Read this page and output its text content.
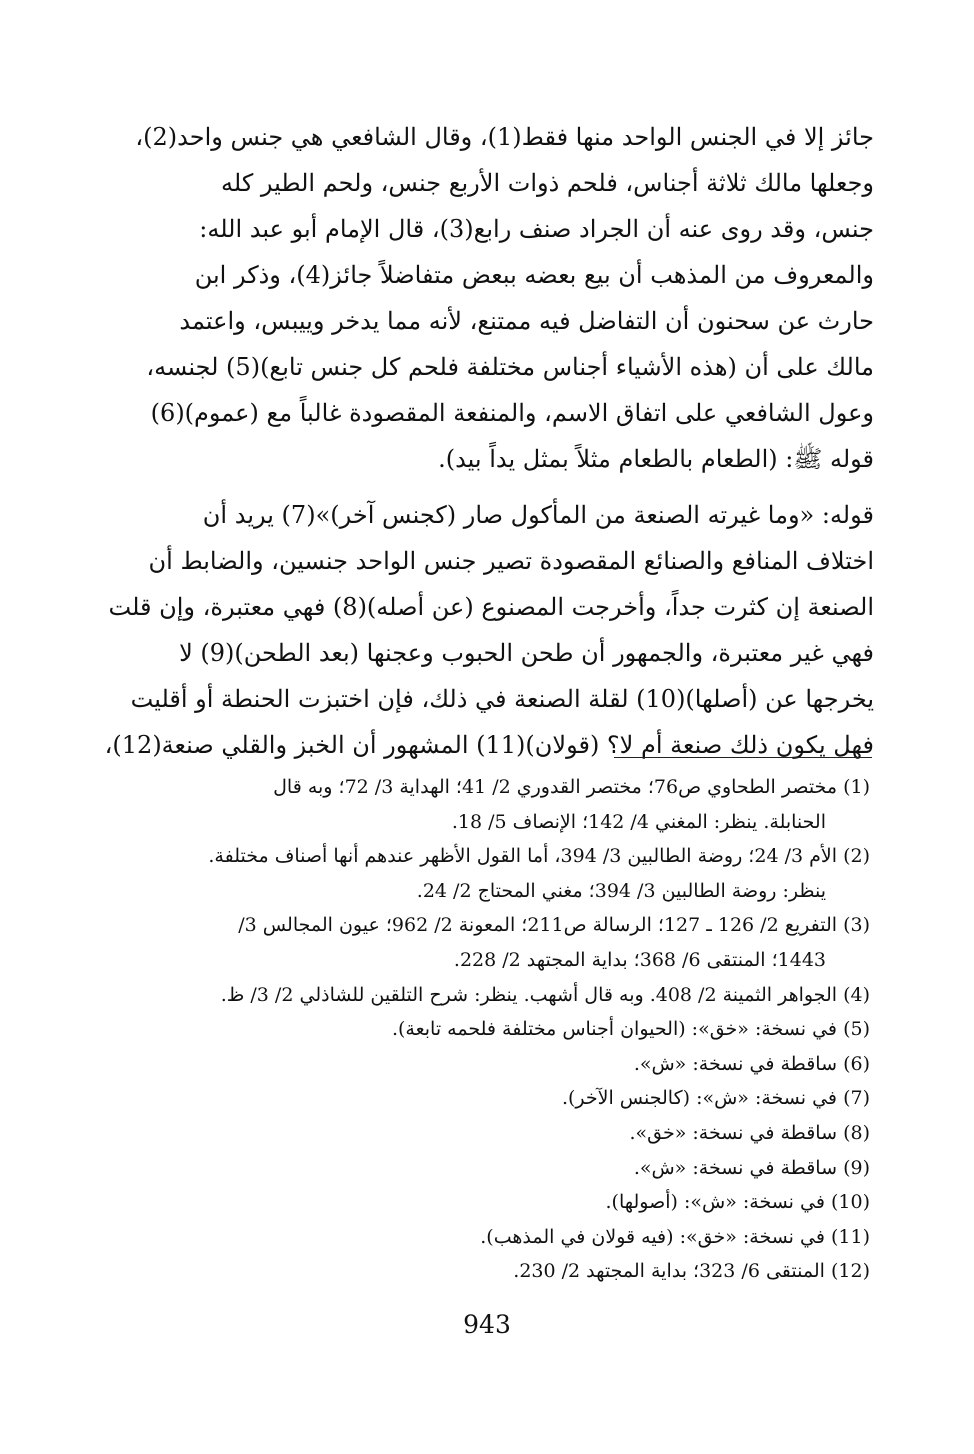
جائز إلا في الجنس الواحد منها فقط(1)، وقال الشافعي هي جنس واحد(2)،
وجعلها مالك ثلاثة أجناس، فلحم ذوات الأربع جنس، ولحم الطير كله
جنس، وقد روى عنه أن الجراد صنف رابع(3)، قال الإمام أبو عبد الله:
والمعروف من المذهب أن بيع بعضه ببعض متفاضلاً جائز(4)، وذكر ابن
حارث عن سحنون أن التفاضل فيه ممتنع، لأنه مما يدخر وييبس، واعتمد
مالك على أن (هذه الأشياء أجناس مختلفة فلحم كل جنس تابع)(5) لجنسه،
وعول الشافعي على اتفاق الاسم، والمنفعة المقصودة غالباً مع (عموم)(6)
قوله ﷺ: (الطعام بالطعام مثلاً بمثل يداً بيد).

قوله: «وما غيرته الصنعة من المأكول صار (كجنس آخر)»(7) يريد أن
اختلاف المنافع والصنائع المقصودة تصير جنس الواحد جنسين، والضابط أن
الصنعة إن كثرت جداً، وأخرجت المصنوع (عن أصله)(8) فهي معتبرة، وإن قلت
فهي غير معتبرة، والجمهور أن طحن الحبوب وعجنها (بعد الطحن)(9) لا
يخرجها عن (أصلها)(10) لقلة الصنعة في ذلك، فإن اختبزت الحنطة أو أقليت
فهل يكون ذلك صنعة أم لا؟ (قولان)(11) المشهور أن الخبز والقلي صنعة(12)،

(1) مختصر الطحاوي ص76؛ مختصر القدوري 2/ 41؛ الهداية 3/ 72؛ وبه قال
الحنابلة. ينظر: المغني 4/ 142؛ الإنصاف 5/ 18.
(2) الأم 3/ 24؛ روضة الطالبين 3/ 394، أما القول الأظهر عندهم أنها أصناف مختلفة.
ينظر: روضة الطالبين 3/ 394؛ مغني المحتاج 2/ 24.
(3) التفريع 2/ 126 ـ 127؛ الرسالة ص211؛ المعونة 2/ 962؛ عيون المجالس 3/
1443؛ المنتقى 6/ 368؛ بداية المجتهد 2/ 228.
(4) الجواهر الثمينة 2/ 408. وبه قال أشهب. ينظر: شرح التلقين للشاذلي 2/ 3/ ظ.
(5) في نسخة: «خق»: (الحيوان أجناس مختلفة فلحمه تابعة).
(6) ساقطة في نسخة: «ش».
(7) في نسخة: «ش»: (كالجنس الآخر).
(8) ساقطة في نسخة: «خق».
(9) ساقطة في نسخة: «ش».
(10) في نسخة: «ش»: (أصولها).
(11) في نسخة: «خق»: (فيه قولان في المذهب).
(12) المنتقى 6/ 323؛ بداية المجتهد 2/ 230.
943
